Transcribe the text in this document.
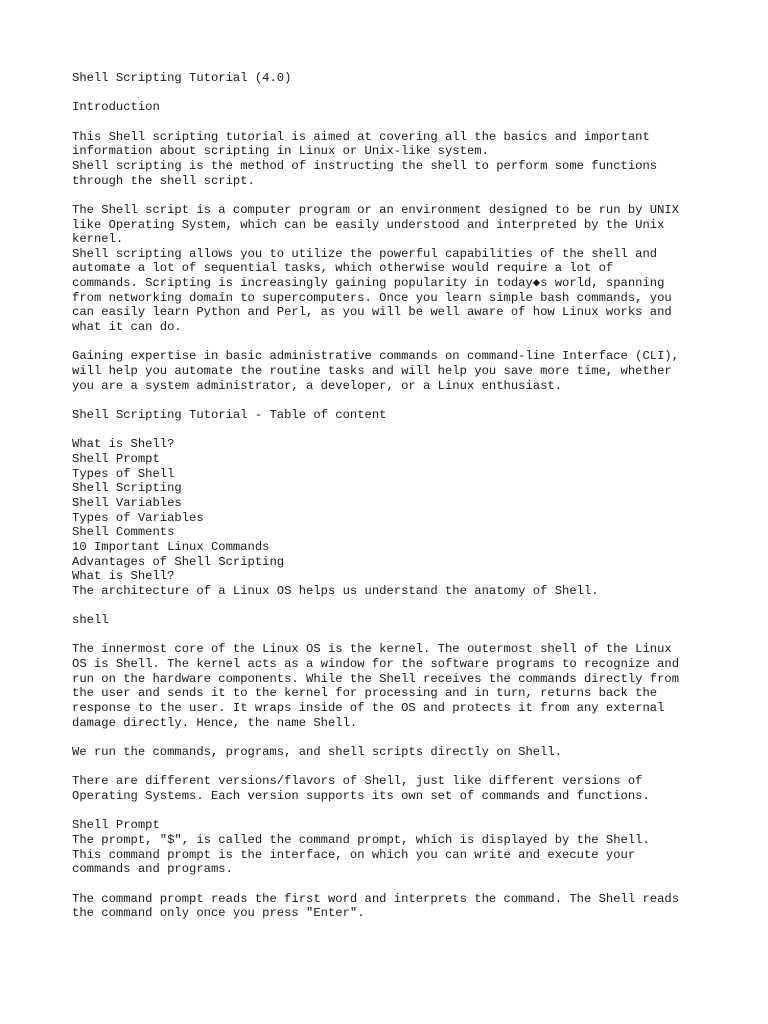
Shell Scripting Tutorial (4.0)
Introduction
This Shell scripting tutorial is aimed at covering all the basics and important
information about scripting in Linux or Unix-like system.
Shell scripting is the method of instructing the shell to perform some functions
through the shell script.
The Shell script is a computer program or an environment designed to be run by UNIX
like Operating System, which can be easily understood and interpreted by the Unix
kernel.
Shell scripting allows you to utilize the powerful capabilities of the shell and
automate a lot of sequential tasks, which otherwise would require a lot of
commands. Scripting is increasingly gaining popularity in today◆s world, spanning
from networking domain to supercomputers. Once you learn simple bash commands, you
can easily learn Python and Perl, as you will be well aware of how Linux works and
what it can do.
Gaining expertise in basic administrative commands on command-line Interface (CLI),
will help you automate the routine tasks and will help you save more time, whether
you are a system administrator, a developer, or a Linux enthusiast.
Shell Scripting Tutorial - Table of content
What is Shell?
Shell Prompt
Types of Shell
Shell Scripting
Shell Variables
Types of Variables
Shell Comments
10 Important Linux Commands
Advantages of Shell Scripting
What is Shell?
The architecture of a Linux OS helps us understand the anatomy of Shell.
shell
The innermost core of the Linux OS is the kernel. The outermost shell of the Linux
OS is Shell. The kernel acts as a window for the software programs to recognize and
run on the hardware components. While the Shell receives the commands directly from
the user and sends it to the kernel for processing and in turn, returns back the
response to the user. It wraps inside of the OS and protects it from any external
damage directly. Hence, the name Shell.
We run the commands, programs, and shell scripts directly on Shell.
There are different versions/flavors of Shell, just like different versions of
Operating Systems. Each version supports its own set of commands and functions.
Shell Prompt
The prompt, "$", is called the command prompt, which is displayed by the Shell.
This command prompt is the interface, on which you can write and execute your
commands and programs.
The command prompt reads the first word and interprets the command. The Shell reads
the command only once you press "Enter".
